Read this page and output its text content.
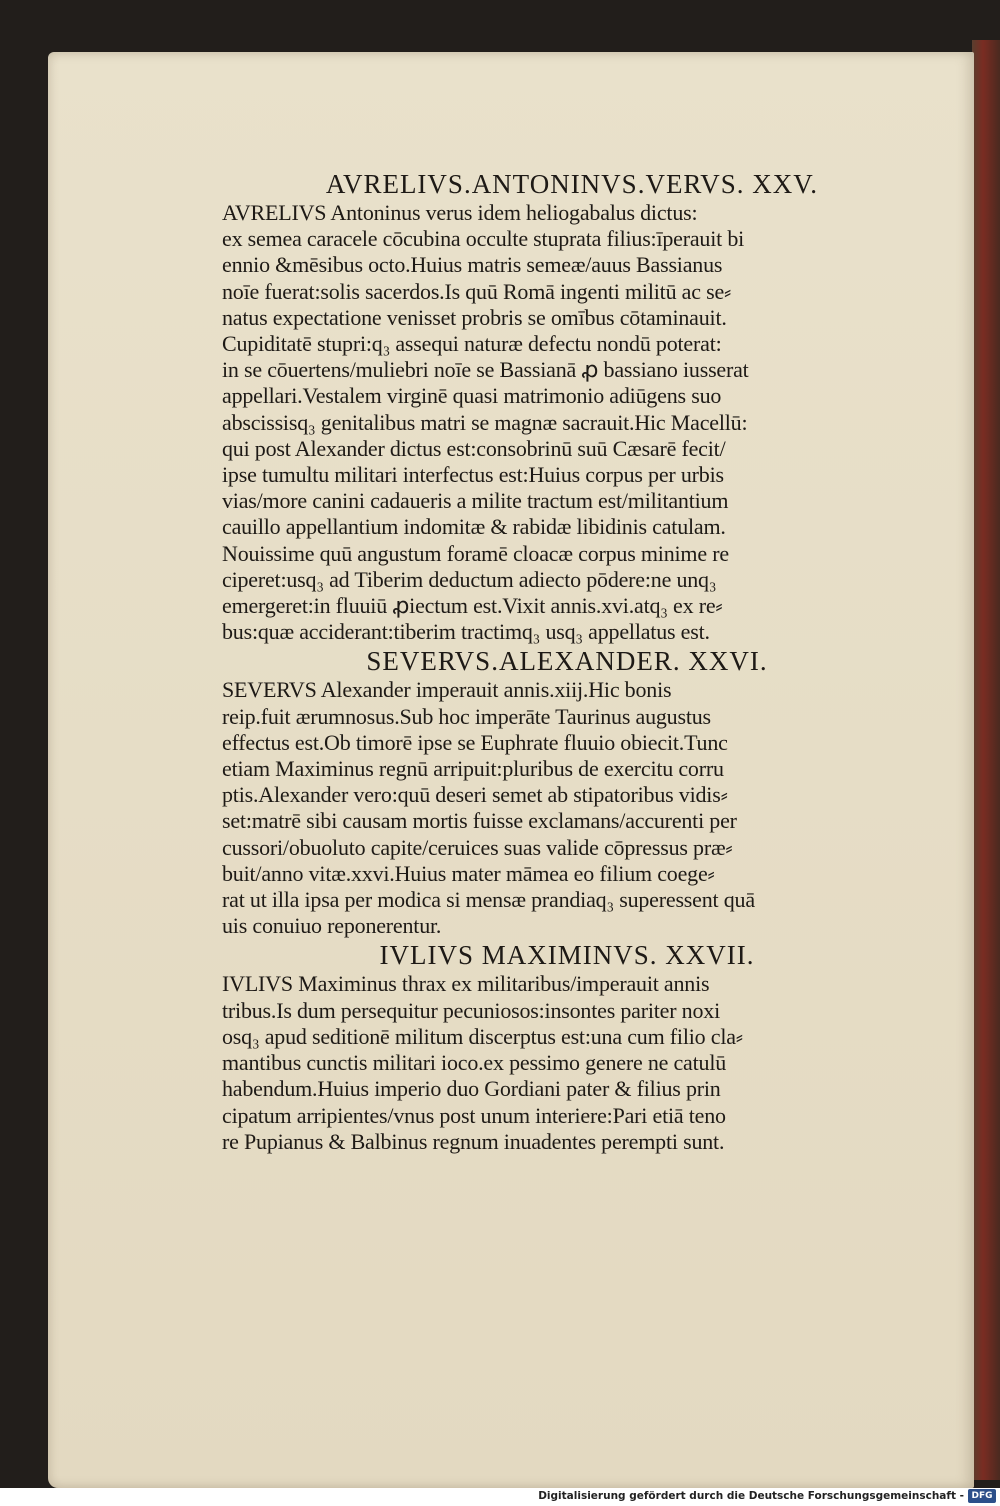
AVRELIVS.ANTONINVS.VERVS. XXV.
AVRELIVS Antoninus verus idem heliogabalus dictus:
ex semea caracele cōcubina occulte stuprata filius:īperauit bi
ennio &mēsibus octo.Huius matris semeæ/auus Bassianus
noīe fuerat:solis sacerdos.Is quū Romā ingenti militū ac se⸗
natus expectatione venisset probris se omībus cōtaminauit.
Cupiditatē stupri:q₃ assequi naturæ defectu nondū poterat:
in se cōuertens/muliebri noīe se Bassianā ꝓ bassiano iusserat
appellari.Vestalem virginē quasi matrimonio adiūgens suo
abscissisq₃ genitalibus matri se magnæ sacrauit.Hic Macellū:
qui post Alexander dictus est:consobrinū suū Cæsarē fecit/
ipse tumultu militari interfectus est:Huius corpus per urbis
vias/more canini cadaueris a milite tractum est/militantium
cauillo appellantium indomitæ & rabidæ libidinis catulam.
Nouissime quū angustum foramē cloacæ corpus minime re
ciperet:usq₃ ad Tiberim deductum adiecto pōdere:ne unq₃
emergeret:in fluuiū ꝓiectum est.Vixit annis.xvi.atq₃ ex re⸗
bus:quæ acciderant:tiberim tractimq₃ usq₃ appellatus est.
SEVERVS.ALEXANDER. XXVI.
SEVERVS Alexander imperauit annis.xiij.Hic bonis
reip.fuit ærumnosus.Sub hoc imperāte Taurinus augustus
effectus est.Ob timorē ipse se Euphrate fluuio obiecit.Tunc
etiam Maximinus regnū arripuit:pluribus de exercitu corru
ptis.Alexander vero:quū deseri semet ab stipatoribus vidis⸗
set:matrē sibi causam mortis fuisse exclamans/accurenti per
cussori/obuoluto capite/ceruices suas valide cōpressus præ⸗
buit/anno vitæ.xxvi.Huius mater māmea eo filium coege⸗
rat ut illa ipsa per modica si mensæ prandiaq₃ superessent quā
uis conuiuo reponerentur.
IVLIVS MAXIMINVS. XXVII.
IVLIVS Maximinus thrax ex militaribus/imperauit annis
tribus.Is dum persequitur pecuniosos:insontes pariter noxi
osq₃ apud seditionē militum discerptus est:una cum filio cla⸗
mantibus cunctis militari ioco.ex pessimo genere ne catulū
habendum.Huius imperio duo Gordiani pater & filius prin
cipatum arripientes/vnus post unum interiere:Pari etiā teno
re Pupianus & Balbinus regnum inuadentes perempti sunt.
Digitalisierung gefördert durch die Deutsche Forschungsgemeinschaft - DFG
